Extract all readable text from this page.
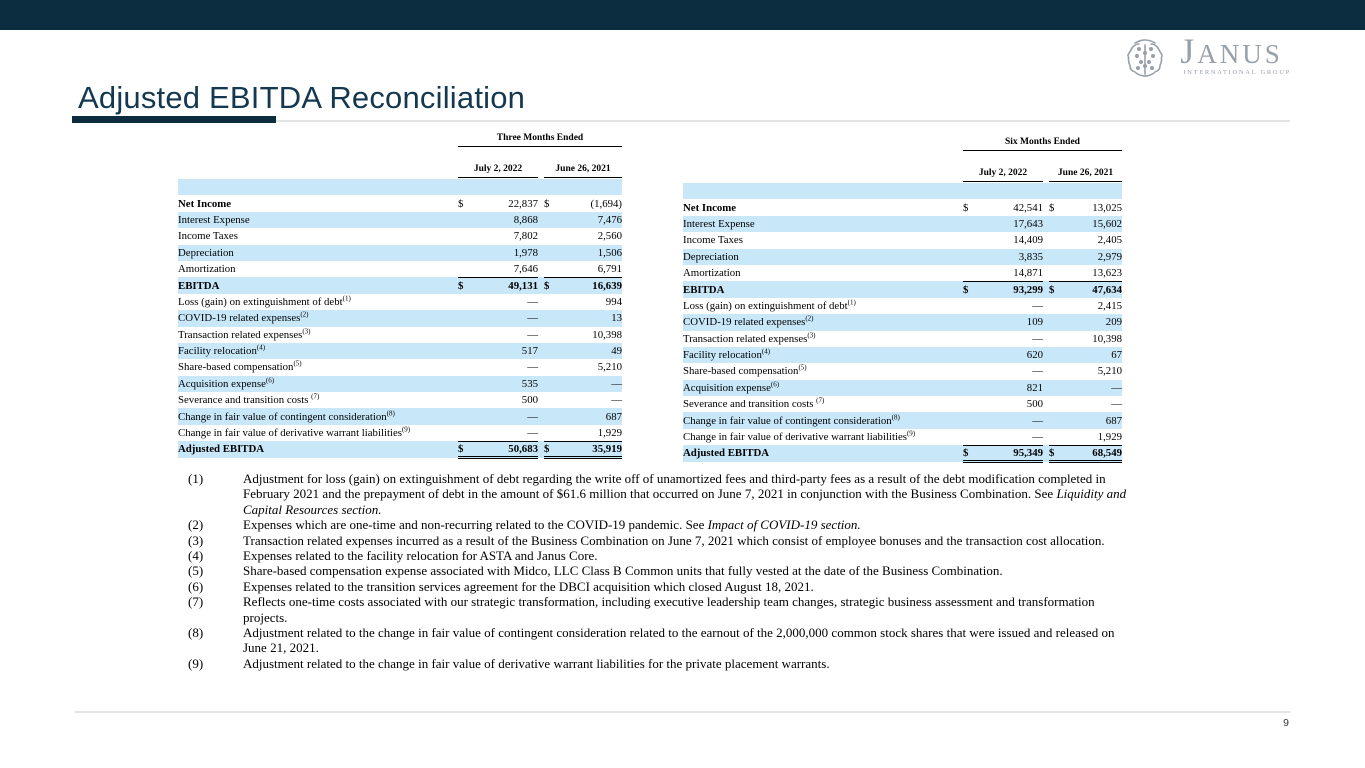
JANUS
INTERNATIONAL GROUP
Adjusted EBITDA Reconciliation
Three Months Ended
July 2, 2022	June 26, 2021

Net Income	$	22,837		$	(1,694)
Interest Expense		8,868			7,476
Income Taxes		7,802			2,560
Depreciation		1,978			1,506
Amortization		7,646			6,791
EBITDA	$	49,131		$	16,639
Loss (gain) on extinguishment of debt$^{(1)}$		—			994
COVID-19 related expenses$^{(2)}$		—			13
Transaction related expenses$^{(3)}$		—			10,398
Facility relocation$^{(4)}$		517			49
Share-based compensation$^{(5)}$		—			5,210
Acquisition expense$^{(6)}$		535			—
Severance and transition costs $^{(7)}$		500			—
Change in fair value of contingent consideration$^{(8)}$		—			687
Change in fair value of derivative warrant liabilities$^{(9)}$		—			1,929
Adjusted EBITDA	$	50,683		$	35,919
Six Months Ended
July 2, 2022	June 26, 2021

Net Income	$	42,541		$	13,025
Interest Expense		17,643			15,602
Income Taxes		14,409			2,405
Depreciation		3,835			2,979
Amortization		14,871			13,623
EBITDA	$	93,299		$	47,634
Loss (gain) on extinguishment of debt$^{(1)}$		—			2,415
COVID-19 related expenses$^{(2)}$		109			209
Transaction related expenses$^{(3)}$		—			10,398
Facility relocation$^{(4)}$		620			67
Share-based compensation$^{(5)}$		—			5,210
Acquisition expense$^{(6)}$		821			—
Severance and transition costs $^{(7)}$		500			—
Change in fair value of contingent consideration$^{(8)}$		—			687
Change in fair value of derivative warrant liabilities$^{(9)}$		—			1,929
Adjusted EBITDA	$	95,349		$	68,549
(1)	Adjustment for loss (gain) on extinguishment of debt regarding the write off of unamortized fees and third-party fees as a result of the debt modification completed in February 2021 and the prepayment of debt in the amount of $61.6 million that occurred on June 7, 2021 in conjunction with the Business Combination. See Liquidity and Capital Resources section.
(2)	Expenses which are one-time and non-recurring related to the COVID-19 pandemic. See Impact of COVID-19 section.
(3)	Transaction related expenses incurred as a result of the Business Combination on June 7, 2021 which consist of employee bonuses and the transaction cost allocation.
(4)	Expenses related to the facility relocation for ASTA and Janus Core.
(5)	Share-based compensation expense associated with Midco, LLC Class B Common units that fully vested at the date of the Business Combination.
(6)	Expenses related to the transition services agreement for the DBCI acquisition which closed August 18, 2021.
(7)	Reflects one-time costs associated with our strategic transformation, including executive leadership team changes, strategic business assessment and transformation projects.
(8)	Adjustment related to the change in fair value of contingent consideration related to the earnout of the 2,000,000 common stock shares that were issued and released on June 21, 2021.
(9)	Adjustment related to the change in fair value of derivative warrant liabilities for the private placement warrants.
9
